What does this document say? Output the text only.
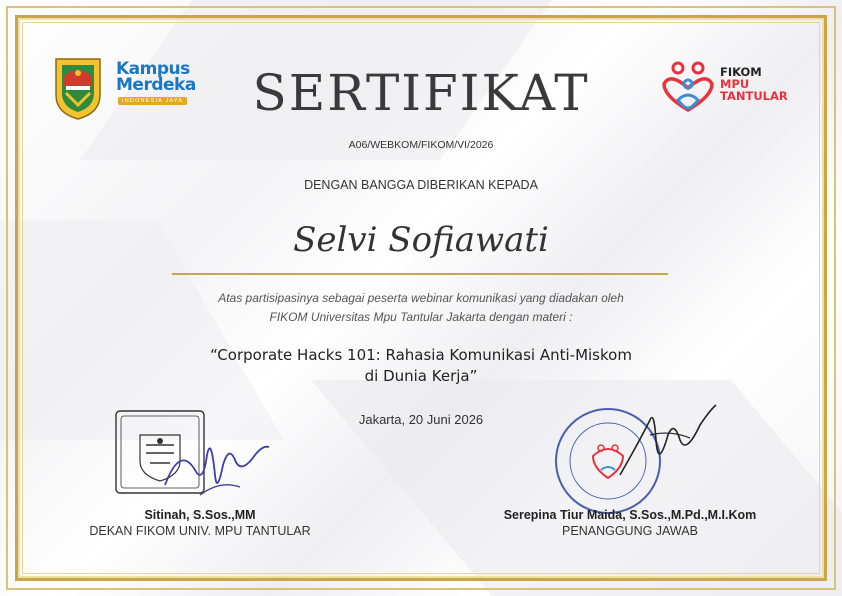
Kampus
Merdeka
INDONESIA JAYA
FIKOM
MPU
TANTULAR
SERTIFIKAT
A06/WEBKOM/FIKOM/VI/2026
DENGAN BANGGA DIBERIKAN KEPADA
Selvi Sofiawati
Atas partisipasinya sebagai peserta webinar komunikasi yang diadakan oleh
FIKOM Universitas Mpu Tantular Jakarta dengan materi :
“Corporate Hacks 101: Rahasia Komunikasi Anti-Miskom
di Dunia Kerja”
Jakarta, 20 Juni 2026
Sitinah, S.Sos.,MM
DEKAN FIKOM UNIV. MPU TANTULAR
Serepina Tiur Maida, S.Sos.,M.Pd.,M.I.Kom
PENANGGUNG JAWAB
